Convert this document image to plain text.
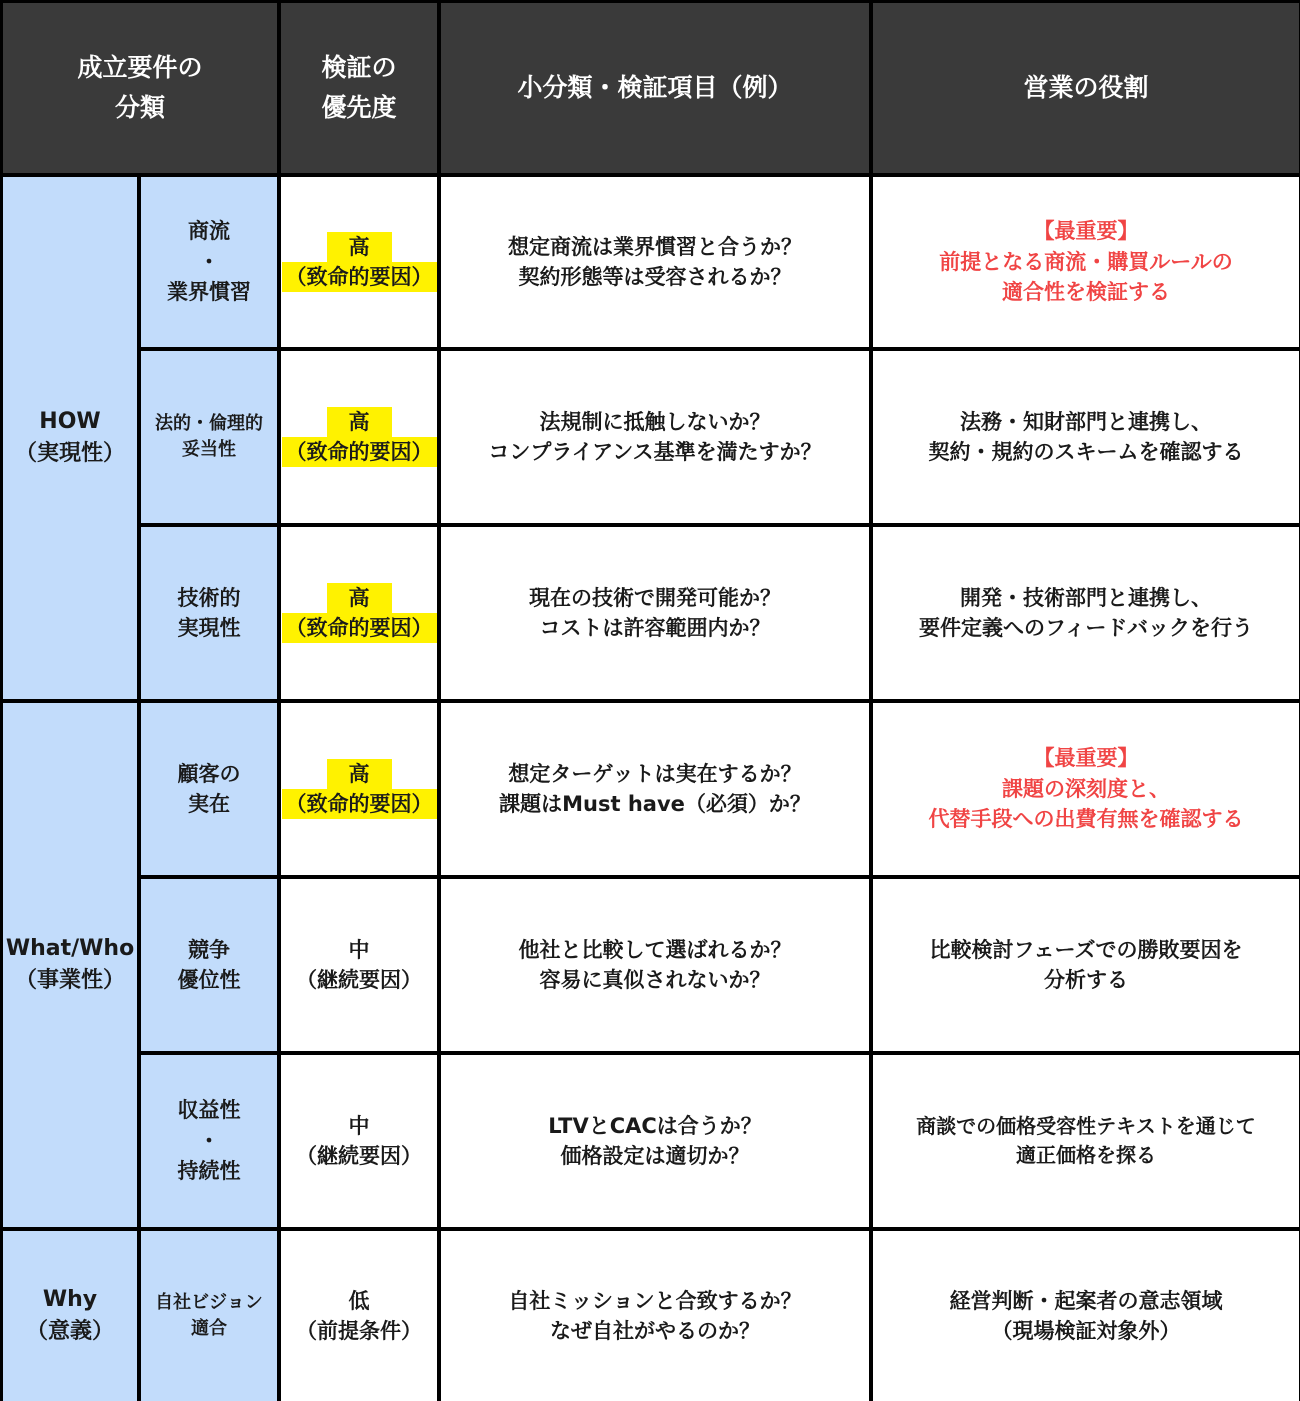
成立要件の
分類
検証の
優先度
小分類・検証項目（例）	営業の役割
HOW
（実現性）
What/Who
（事業性）
Why
（意義）
商流
・
業界慣習
高
（致命的要因）
想定商流は業界慣習と合うか？
契約形態等は受容されるか？
【最重要】
前提となる商流・購買ルールの
適合性を検証する
法的・倫理的
妥当性
高
（致命的要因）
法規制に抵触しないか？
コンプライアンス基準を満たすか？
法務・知財部門と連携し、
契約・規約のスキームを確認する
技術的
実現性
高
（致命的要因）
現在の技術で開発可能か？
コストは許容範囲内か？
開発・技術部門と連携し、
要件定義へのフィードバックを行う
顧客の
実在
高
（致命的要因）
想定ターゲットは実在するか？
課題はMust have（必須）か？
【最重要】
課題の深刻度と、
代替手段への出費有無を確認する
競争
優位性
中
（継続要因）
他社と比較して選ばれるか？
容易に真似されないか？
比較検討フェーズでの勝敗要因を
分析する
収益性
・
持続性
中
（継続要因）
LTVとCACは合うか？
価格設定は適切か？
商談での価格受容性テキストを通じて
適正価格を探る
自社ビジョン
適合
低
（前提条件）
自社ミッションと合致するか？
なぜ自社がやるのか？
経営判断・起案者の意志領域
（現場検証対象外）
